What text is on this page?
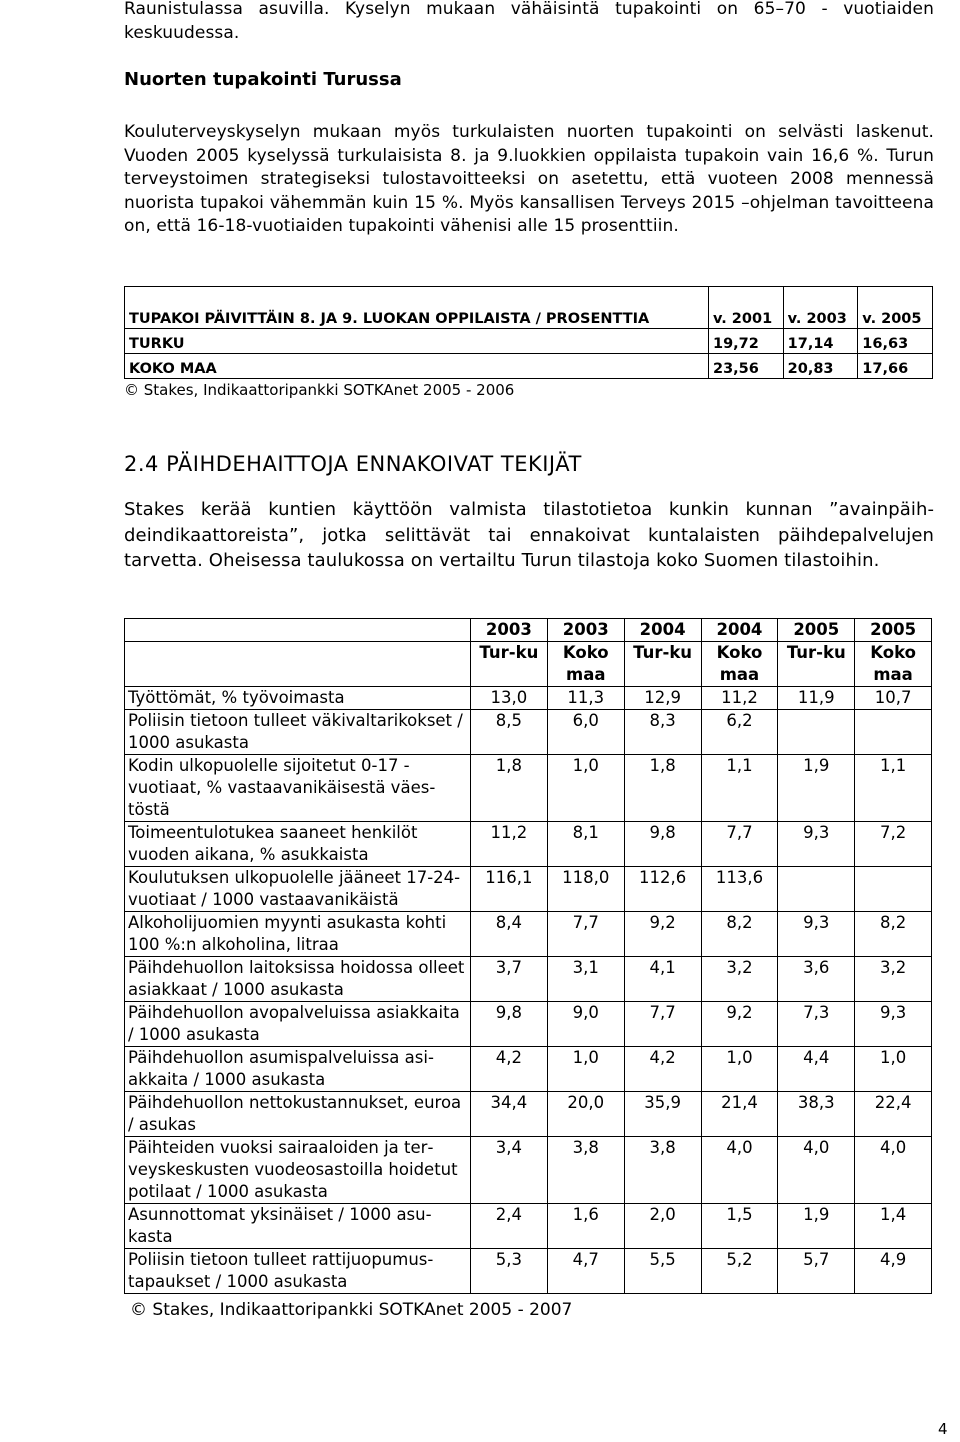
Raunistulassa asuvilla. Kyselyn mukaan vähäisintä tupakointi on 65–70 - vuotiaiden keskuudessa.
Nuorten tupakointi Turussa
Kouluterveyskyselyn mukaan myös turkulaisten nuorten tupakointi on selvästi laskenut. Vuoden 2005 kyselyssä turkulaisista 8. ja 9.luokkien oppilaista tupakoin vain 16,6 %. Turun terveystoimen strategiseksi tulostavoitteeksi on asetettu, että vuoteen 2008 mennessä nuorista tupakoi vähemmän kuin 15 %. Myös kansallisen Terveys 2015 –ohjelman tavoitteena on, että 16-18-vuotiaiden tupakointi vähenisi alle 15 prosenttiin.
TUPAKOI PÄIVITTÄIN 8. JA 9. LUOKAN OPPILAISTA / PROSENTTIA	v. 2001	v. 2003	v. 2005
TURKU	19,72	17,14	16,63
KOKO MAA	23,56	20,83	17,66
© Stakes, Indikaattoripankki SOTKAnet 2005 - 2006
2.4 PÄIHDEHAITTOJA ENNAKOIVAT TEKIJÄT
Stakes kerää kuntien käyttöön valmista tilastotietoa kunkin kunnan ”avainpäihdeindikaattoreista”, jotka selittävät tai ennakoivat kuntalaisten päihdepalvelujen tarvetta. Oheisessa taulukossa on vertailtu Turun tilastoja koko Suomen tilastoihin.
	2003	2003	2004	2004	2005	2005
	Tur-ku	Koko maa	Tur-ku	Koko maa	Tur-ku	Koko maa
Työttömät, % työvoimasta	13,0	11,3	12,9	11,2	11,9	10,7
Poliisin tietoon tulleet väkivaltarikokset / 1000 asukasta	8,5	6,0	8,3	6,2		
Kodin ulkopuolelle sijoitetut 0-17 - vuotiaat, % vastaavanikäisestä väestöstä	1,8	1,0	1,8	1,1	1,9	1,1
Toimeentulotukea saaneet henkilöt vuoden aikana, % asukkaista	11,2	8,1	9,8	7,7	9,3	7,2
Koulutuksen ulkopuolelle jääneet 17-24-vuotiaat / 1000 vastaavanikäistä	116,1	118,0	112,6	113,6		
Alkoholijuomien myynti asukasta kohti 100 %:n alkoholina, litraa	8,4	7,7	9,2	8,2	9,3	8,2
Päihdehuollon laitoksissa hoidossa olleet asiakkaat / 1000 asukasta	3,7	3,1	4,1	3,2	3,6	3,2
Päihdehuollon avopalveluissa asiakkaita / 1000 asukasta	9,8	9,0	7,7	9,2	7,3	9,3
Päihdehuollon asumispalveluissa asiakkaita / 1000 asukasta	4,2	1,0	4,2	1,0	4,4	1,0
Päihdehuollon nettokustannukset, euroa / asukas	34,4	20,0	35,9	21,4	38,3	22,4
Päihteiden vuoksi sairaaloiden ja terveyskeskusten vuodeosastoilla hoidetut potilaat / 1000 asukasta	3,4	3,8	3,8	4,0	4,0	4,0
Asunnottomat yksinäiset / 1000 asukasta	2,4	1,6	2,0	1,5	1,9	1,4
Poliisin tietoon tulleet rattijuopumustapaukset / 1000 asukasta	5,3	4,7	5,5	5,2	5,7	4,9
© Stakes, Indikaattoripankki SOTKAnet 2005 - 2007
4
